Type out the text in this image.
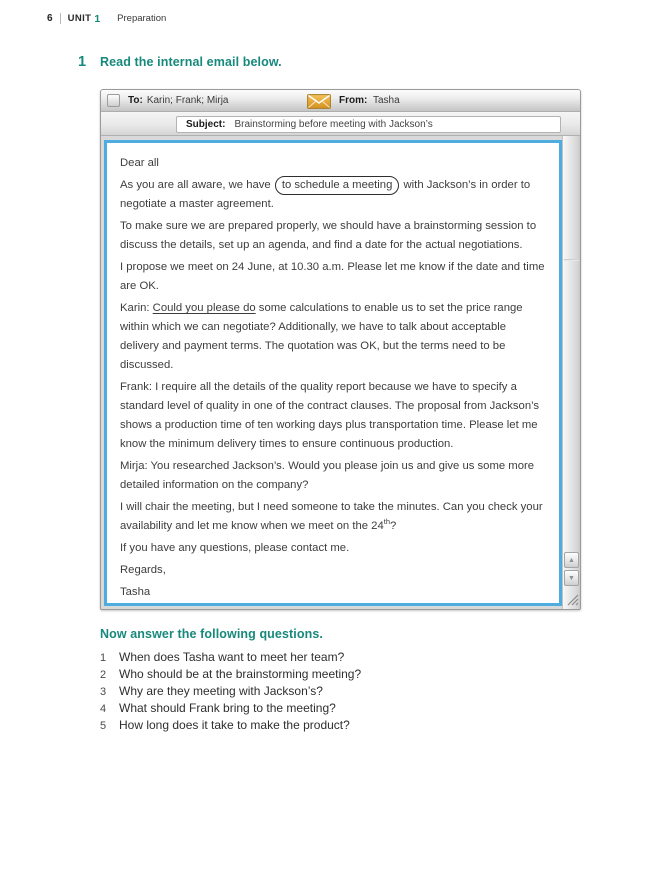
6 UNIT 1 Preparation
1	Read the internal email below.
To: Karin; Frank; Mirja	From: Tasha
Subject: Brainstorming before meeting with Jackson’s

Dear all

As you are all aware, we have to schedule a meeting with Jackson’s in order to negotiate a master agreement.

To make sure we are prepared properly, we should have a brainstorming session to discuss the details, set up an agenda, and find a date for the actual negotiations.

I propose we meet on 24 June, at 10.30 a.m. Please let me know if the date and time are OK.

Karin: Could you please do some calculations to enable us to set the price range within which we can negotiate? Additionally, we have to talk about acceptable delivery and payment terms. The quotation was OK, but the terms need to be discussed.

Frank: I require all the details of the quality report because we have to specify a standard level of quality in one of the contract clauses. The proposal from Jackson’s shows a production time of ten working days plus transportation time. Please let me know the minimum delivery times to ensure continuous production.

Mirja: You researched Jackson’s. Would you please join us and give us some more detailed information on the company?

I will chair the meeting, but I need someone to take the minutes. Can you check your availability and let me know when we meet on the 24th?

If you have any questions, please contact me.

Regards,

Tasha

▲
▼
Now answer the following questions.
1	When does Tasha want to meet her team?
2	Who should be at the brainstorming meeting?
3	Why are they meeting with Jackson’s?
4	What should Frank bring to the meeting?
5	How long does it take to make the product?
